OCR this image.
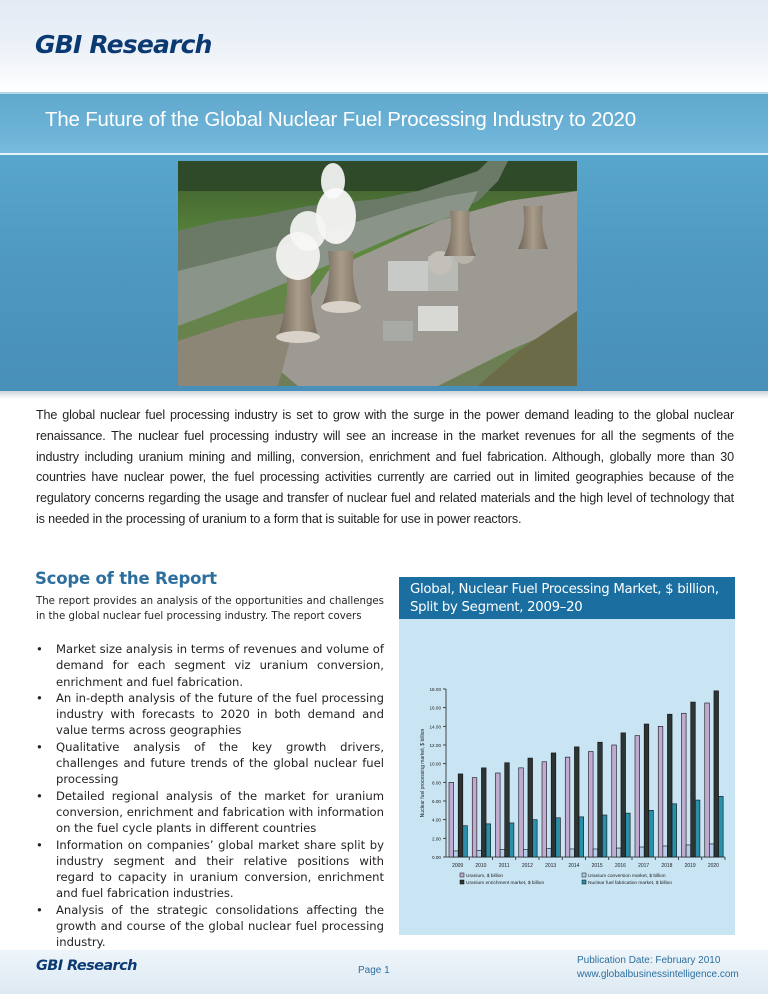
GBI Research
The Future of the Global Nuclear Fuel Processing Industry to 2020

The global nuclear fuel processing industry is set to grow with the surge in the power demand leading to the global nuclear renaissance. The nuclear fuel processing industry will see an increase in the market revenues for all the segments of the industry including uranium mining and milling, conversion, enrichment and fuel fabrication. Although, globally more than 30 countries have nuclear power, the fuel processing activities currently are carried out in limited geographies because of the regulatory concerns regarding the usage and transfer of nuclear fuel and related materials and the high level of technology that is needed in the processing of uranium to a form that is suitable for use in power reactors.

Scope of the Report

The report provides an analysis of the opportunities and challenges in the global nuclear fuel processing industry. The report covers

• Market size analysis in terms of revenues and volume of demand for each segment viz uranium conversion, enrichment and fuel fabrication.
• An in-depth analysis of the future of the fuel processing industry with forecasts to 2020 in both demand and value terms across geographies
• Qualitative analysis of the key growth drivers, challenges and future trends of the global nuclear fuel processing
• Detailed regional analysis of the market for uranium conversion, enrichment and fabrication with information on the fuel cycle plants in different countries
• Information on companies’ global market share split by industry segment and their relative positions with regard to capacity in uranium conversion, enrichment and fuel fabrication industries.
• Analysis of the strategic consolidations affecting the growth and course of the global nuclear fuel processing industry.
0.00
2.00
4.00
6.00
8.00
10.00
12.00
14.00
16.00
18.00
Nuclear fuel processing market, $ billion
2009 2010 2011 2012 2013 2014 2015 2016 2017 2018 2019 2020
Uranium, $ billion	Uranium conversion market, $ billion
Uranium enrichment market, $ billion	Nuclear fuel fabrication market, $ billion
Global, Nuclear Fuel Processing Market, $ billion,
Split by Segment, 2009–20
GBI Research	Page 1
Publication Date: February 2010
www.globalbusinessintelligence.com
